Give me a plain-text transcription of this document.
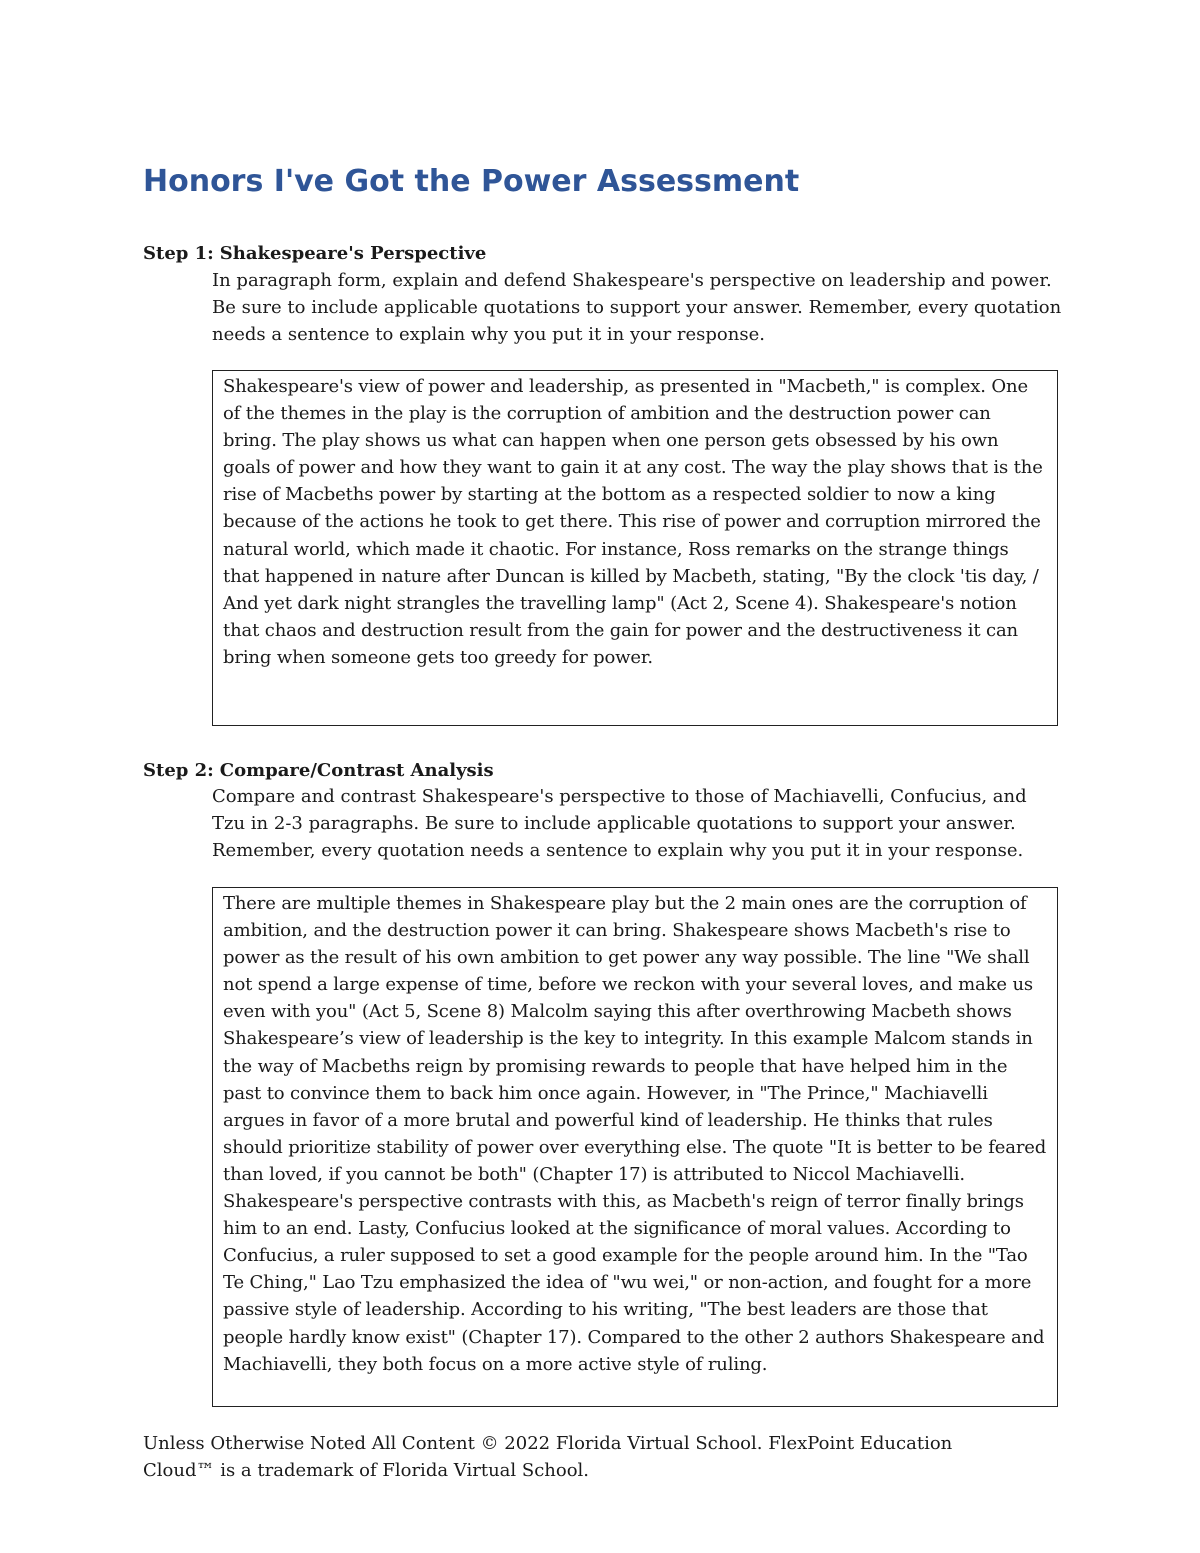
Honors I've Got the Power Assessment
Step 1: Shakespeare's Perspective

In paragraph form, explain and defend Shakespeare's perspective on leadership and power. Be sure to include applicable quotations to support your answer. Remember, every quotation needs a sentence to explain why you put it in your response.

Shakespeare's view of power and leadership, as presented in "Macbeth," is complex. One of the themes in the play is the corruption of ambition and the destruction power can bring. The play shows us what can happen when one person gets obsessed by his own goals of power and how they want to gain it at any cost. The way the play shows that is the rise of Macbeths power by starting at the bottom as a respected soldier to now a king because of the actions he took to get there. This rise of power and corruption mirrored the natural world, which made it chaotic. For instance, Ross remarks on the strange things that happened in nature after Duncan is killed by Macbeth, stating, "By the clock 'tis day, / And yet dark night strangles the travelling lamp" (Act 2, Scene 4). Shakespeare's notion that chaos and destruction result from the gain for power and the destructiveness it can bring when someone gets too greedy for power.

Step 2: Compare/Contrast Analysis

Compare and contrast Shakespeare's perspective to those of Machiavelli, Confucius, and Tzu in 2-3 paragraphs. Be sure to include applicable quotations to support your answer. Remember, every quotation needs a sentence to explain why you put it in your response.

There are multiple themes in Shakespeare play but the 2 main ones are the corruption of ambition, and the destruction power it can bring. Shakespeare shows Macbeth's rise to power as the result of his own ambition to get power any way possible. The line "We shall not spend a large expense of time, before we reckon with your several loves, and make us even with you" (Act 5, Scene 8) Malcolm saying this after overthrowing Macbeth shows Shakespeare’s view of leadership is the key to integrity. In this example Malcom stands in the way of Macbeths reign by promising rewards to people that have helped him in the past to convince them to back him once again. However, in "The Prince," Machiavelli argues in favor of a more brutal and powerful kind of leadership. He thinks that rules should prioritize stability of power over everything else. The quote "It is better to be feared than loved, if you cannot be both" (Chapter 17) is attributed to Niccol Machiavelli. Shakespeare's perspective contrasts with this, as Macbeth's reign of terror finally brings him to an end. Lasty, Confucius looked at the significance of moral values. According to Confucius, a ruler supposed to set a good example for the people around him. In the "Tao Te Ching," Lao Tzu emphasized the idea of "wu wei," or non-action, and fought for a more passive style of leadership. According to his writing, "The best leaders are those that people hardly know exist" (Chapter 17). Compared to the other 2 authors Shakespeare and Machiavelli, they both focus on a more active style of ruling.

Unless Otherwise Noted All Content © 2022 Florida Virtual School. FlexPoint Education Cloud™ is a trademark of Florida Virtual School.
